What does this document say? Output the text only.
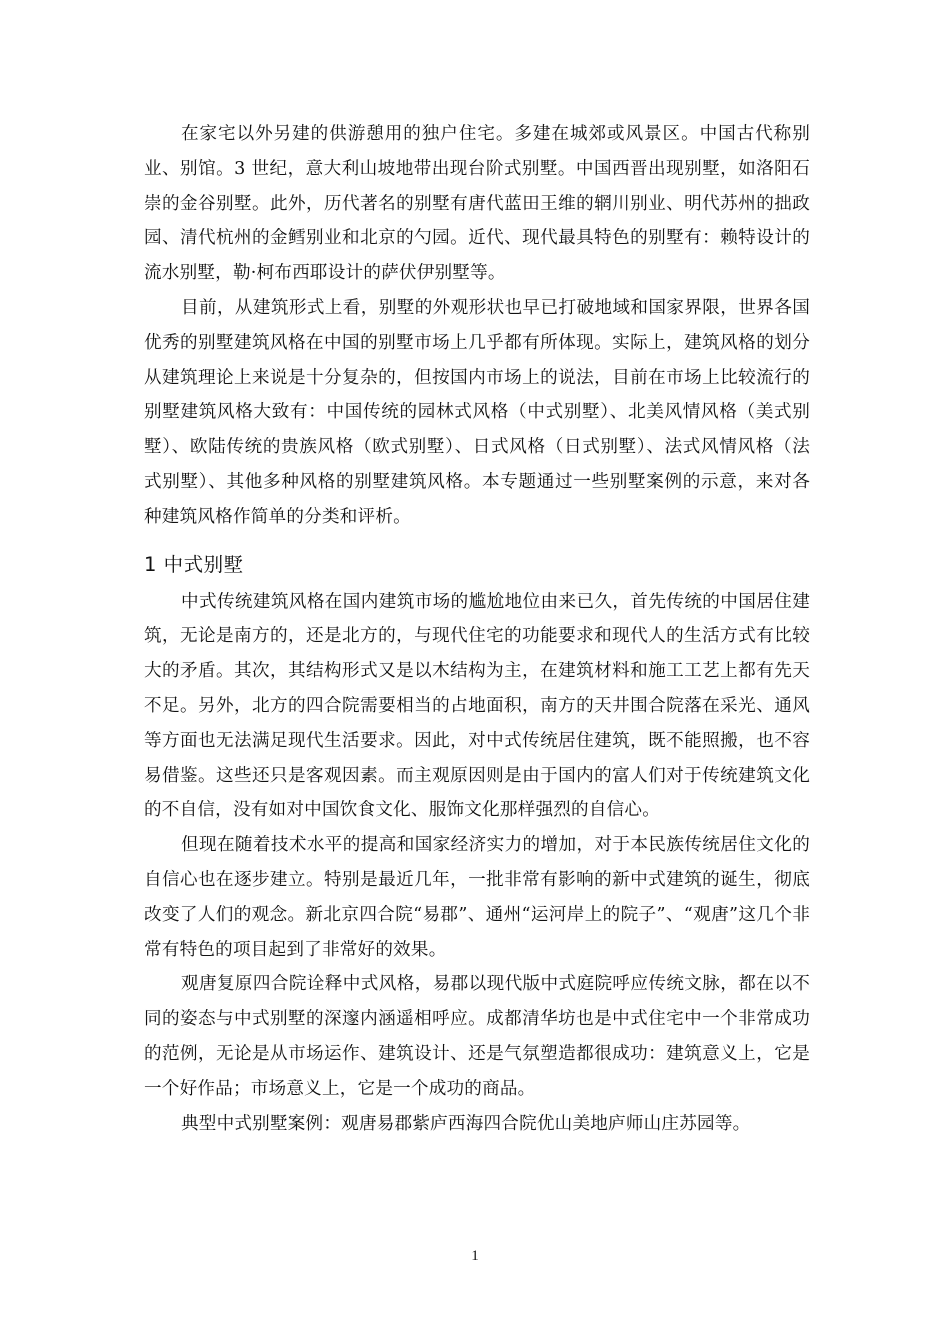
在家宅以外另建的供游憩用的独户住宅。多建在城郊或风景区。中国古代称别业、别馆。3 世纪，意大利山坡地带出现台阶式别墅。中国西晋出现别墅，如洛阳石崇的金谷别墅。此外，历代著名的别墅有唐代蓝田王维的辋川别业、明代苏州的拙政园、清代杭州的金鳕别业和北京的勺园。近代、现代最具特色的别墅有：赖特设计的流水别墅，勒·柯布西耶设计的萨伏伊别墅等。

目前，从建筑形式上看，别墅的外观形状也早已打破地域和国家界限，世界各国优秀的别墅建筑风格在中国的别墅市场上几乎都有所体现。实际上，建筑风格的划分从建筑理论上来说是十分复杂的，但按国内市场上的说法，目前在市场上比较流行的别墅建筑风格大致有：中国传统的园林式风格（中式别墅）、北美风情风格（美式别墅）、欧陆传统的贵族风格（欧式别墅）、日式风格（日式别墅）、法式风情风格（法式别墅）、其他多种风格的别墅建筑风格。本专题通过一些别墅案例的示意，来对各种建筑风格作简单的分类和评析。

1 中式别墅

中式传统建筑风格在国内建筑市场的尴尬地位由来已久，首先传统的中国居住建筑，无论是南方的，还是北方的，与现代住宅的功能要求和现代人的生活方式有比较大的矛盾。其次，其结构形式又是以木结构为主，在建筑材料和施工工艺上都有先天不足。另外，北方的四合院需要相当的占地面积，南方的天井围合院落在采光、通风等方面也无法满足现代生活要求。因此，对中式传统居住建筑，既不能照搬，也不容易借鉴。这些还只是客观因素。而主观原因则是由于国内的富人们对于传统建筑文化的不自信，没有如对中国饮食文化、服饰文化那样强烈的自信心。

但现在随着技术水平的提高和国家经济实力的增加，对于本民族传统居住文化的自信心也在逐步建立。特别是最近几年，一批非常有影响的新中式建筑的诞生，彻底改变了人们的观念。新北京四合院“易郡”、通州“运河岸上的院子”、“观唐”这几个非常有特色的项目起到了非常好的效果。

观唐复原四合院诠释中式风格，易郡以现代版中式庭院呼应传统文脉，都在以不同的姿态与中式别墅的深邃内涵遥相呼应。成都清华坊也是中式住宅中一个非常成功的范例，无论是从市场运作、建筑设计、还是气氛塑造都很成功：建筑意义上，它是一个好作品；市场意义上，它是一个成功的商品。

典型中式别墅案例：观唐易郡紫庐西海四合院优山美地庐师山庄苏园等。

1
